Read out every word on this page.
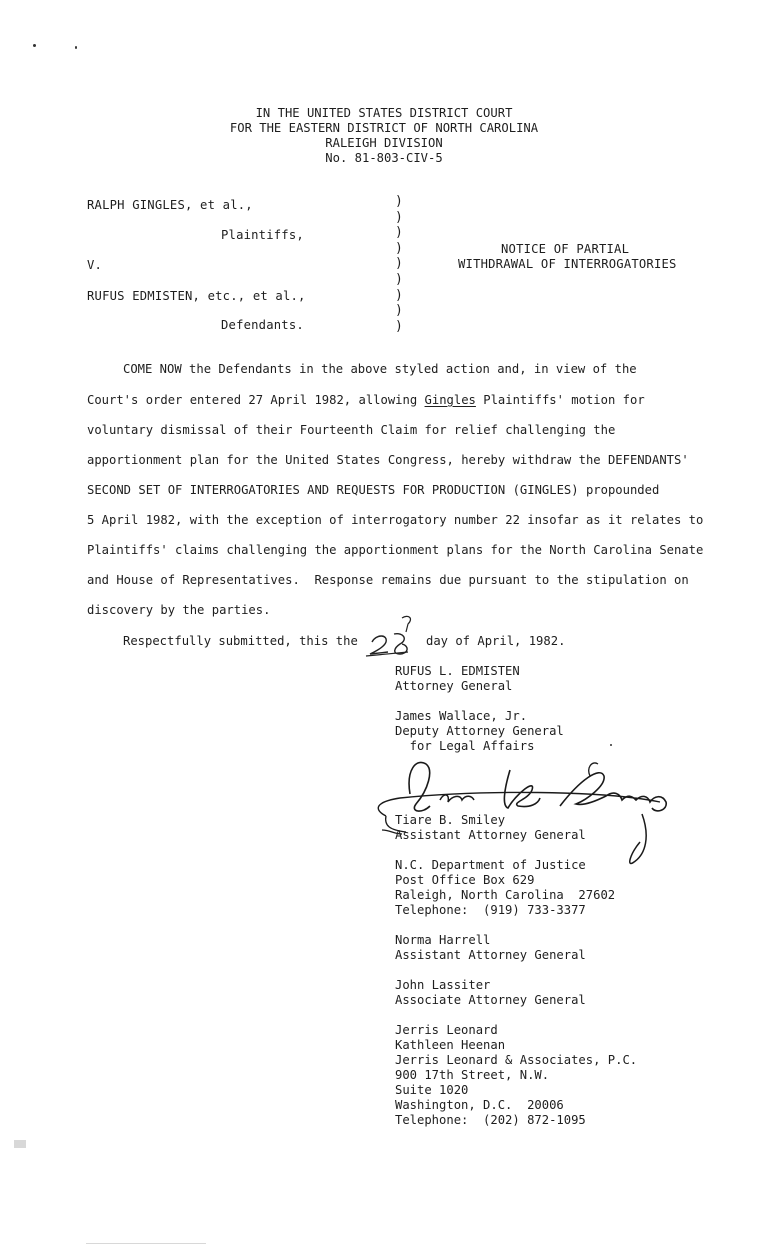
IN THE UNITED STATES DISTRICT COURT
FOR THE EASTERN DISTRICT OF NORTH CAROLINA
RALEIGH DIVISION
No. 81-803-CIV-5
RALPH GINGLES, et al.,
Plaintiffs,
V.
RUFUS EDMISTEN, etc., et al.,
Defendants.
)
)
)
)
)
)
)
)
)
NOTICE OF PARTIAL
WITHDRAWAL OF INTERROGATORIES
COME NOW the Defendants in the above styled action and, in view of the
Court's order entered 27 April 1982, allowing Gingles Plaintiffs' motion for
voluntary dismissal of their Fourteenth Claim for relief challenging the
apportionment plan for the United States Congress, hereby withdraw the DEFENDANTS'
SECOND SET OF INTERROGATORIES AND REQUESTS FOR PRODUCTION (GINGLES) propounded
5 April 1982, with the exception of interrogatory number 22 insofar as it relates to
Plaintiffs' claims challenging the apportionment plans for the North Carolina Senate
and House of Representatives.  Response remains due pursuant to the stipulation on
discovery by the parties.
Respectfully submitted, this the	day of April, 1982.
RUFUS L. EDMISTEN
Attorney General
James Wallace, Jr.
Deputy Attorney General
for Legal Affairs
Tiare B. Smiley
Assistant Attorney General
N.C. Department of Justice
Post Office Box 629
Raleigh, North Carolina  27602
Telephone:  (919) 733-3377
Norma Harrell
Assistant Attorney General
John Lassiter
Associate Attorney General
Jerris Leonard
Kathleen Heenan
Jerris Leonard & Associates, P.C.
900 17th Street, N.W.
Suite 1020
Washington, D.C.  20006
Telephone:  (202) 872-1095
